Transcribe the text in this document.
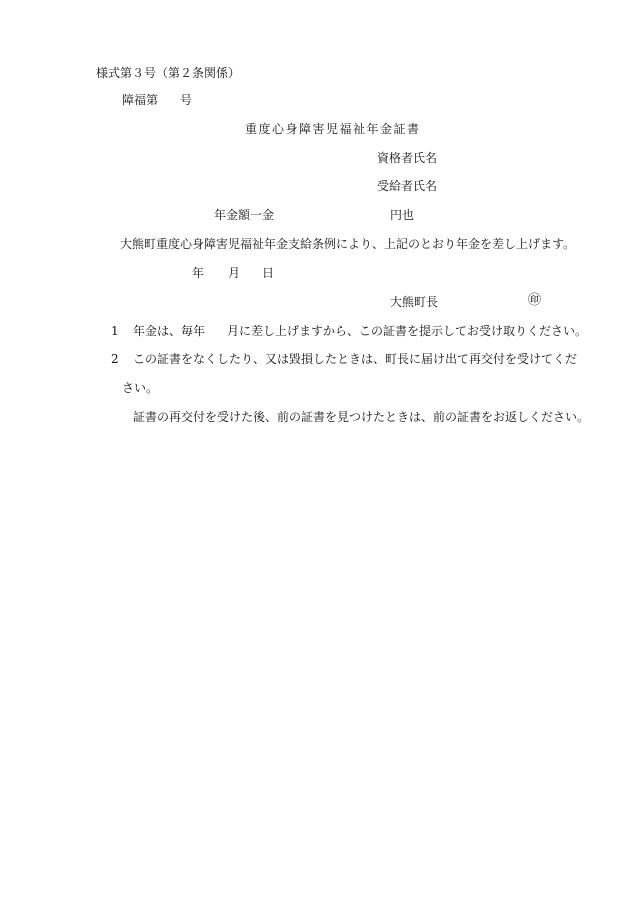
様式第３号（第２条関係）
障福第 号
重度心身障害児福祉年金証書
資格者氏名
受給者氏名
年金額一金	円也
大熊町重度心身障害児福祉年金支給条例により、上記のとおり年金を差し上げます。
年 月 日
大熊町長	㊞
1 年金は、毎年 月に差し上げますから、この証書を提示してお受け取りください。
2 この証書をなくしたり、又は毀損したときは、町長に届け出て再交付を受けてくだ
さい。
証書の再交付を受けた後、前の証書を見つけたときは、前の証書をお返しください。
